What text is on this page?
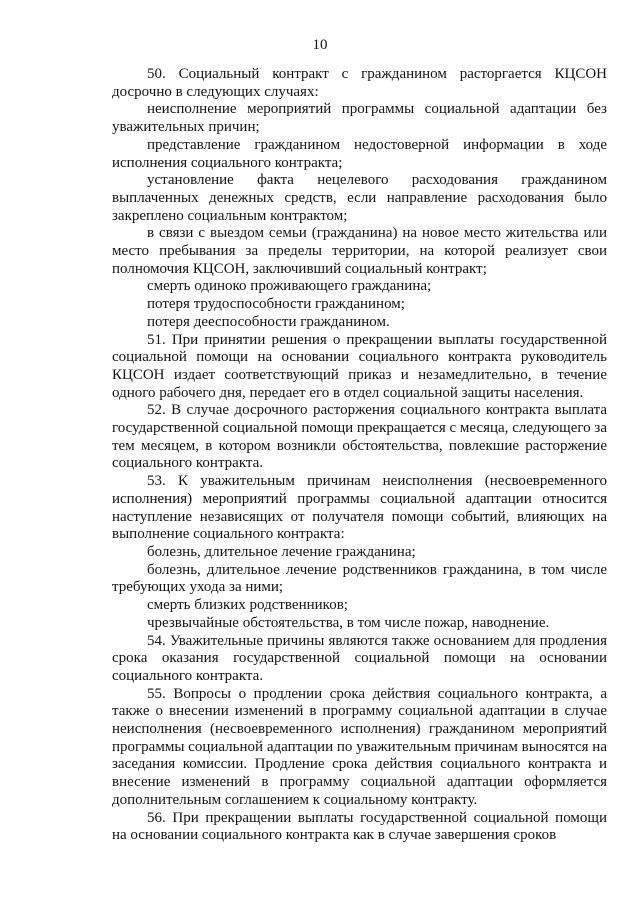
10

50. Социальный контракт с гражданином расторгается КЦСОН досрочно в следующих случаях:

неисполнение мероприятий программы социальной адаптации без уважительных причин;

представление гражданином недостоверной информации в ходе исполнения социального контракта;

установление факта нецелевого расходования гражданином выплаченных денежных средств, если направление расходования было закреплено социальным контрактом;

в связи с выездом семьи (гражданина) на новое место жительства или место пребывания за пределы территории, на которой реализует свои полномочия КЦСОН, заключивший социальный контракт;

смерть одиноко проживающего гражданина;

потеря трудоспособности гражданином;

потеря дееспособности гражданином.

51. При принятии решения о прекращении выплаты государственной социальной помощи на основании социального контракта руководитель КЦСОН издает соответствующий приказ и незамедлительно, в течение одного рабочего дня, передает его в отдел социальной защиты населения.

52. В случае досрочного расторжения социального контракта выплата государственной социальной помощи прекращается с месяца, следующего за тем месяцем, в котором возникли обстоятельства, повлекшие расторжение социального контракта.

53. К уважительным причинам неисполнения (несвоевременного исполнения) мероприятий программы социальной адаптации относится наступление независящих от получателя помощи событий, влияющих на выполнение социального контракта:

болезнь, длительное лечение гражданина;

болезнь, длительное лечение родственников гражданина, в том числе требующих ухода за ними;

смерть близких родственников;

чрезвычайные обстоятельства, в том числе пожар, наводнение.

54. Уважительные причины являются также основанием для продления срока оказания государственной социальной помощи на основании социального контракта.

55. Вопросы о продлении срока действия социального контракта, а также о внесении изменений в программу социальной адаптации в случае неисполнения (несвоевременного исполнения) гражданином мероприятий программы социальной адаптации по уважительным причинам выносятся на заседания комиссии. Продление срока действия социального контракта и внесение изменений в программу социальной адаптации оформляется дополнительным соглашением к социальному контракту.

56. При прекращении выплаты государственной социальной помощи на основании социального контракта как в случае завершения сроков
